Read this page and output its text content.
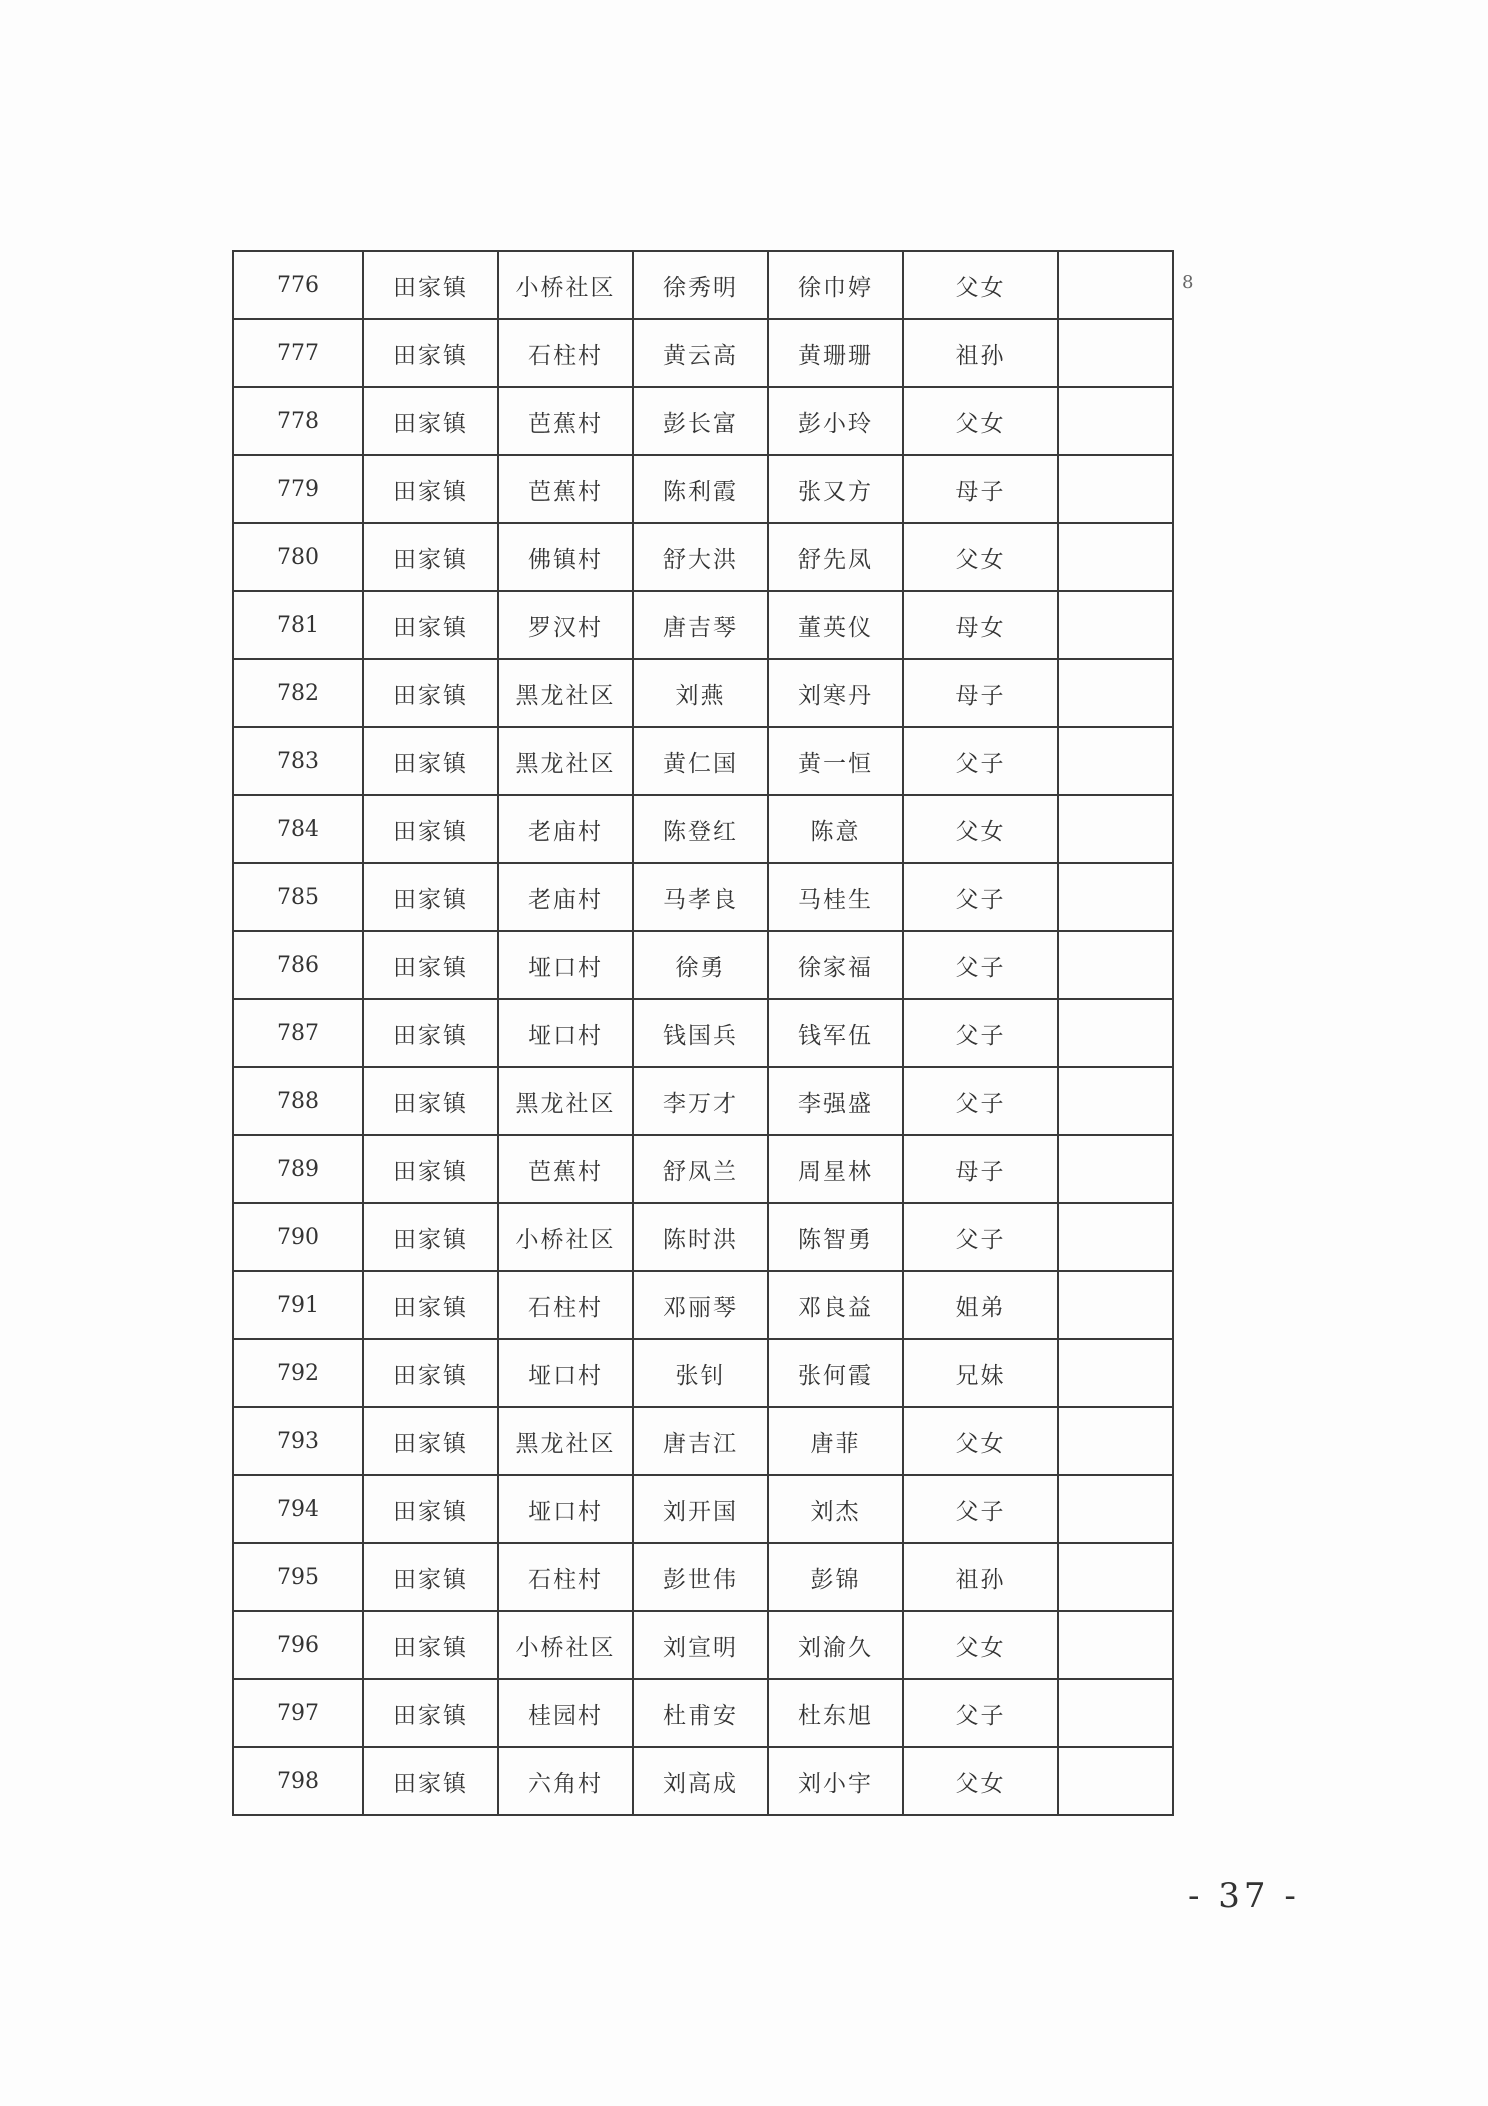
8
776	田家镇	小桥社区	徐秀明	徐巾婷	父女	
777	田家镇	石柱村	黄云高	黄珊珊	祖孙	
778	田家镇	芭蕉村	彭长富	彭小玲	父女	
779	田家镇	芭蕉村	陈利霞	张又方	母子	
780	田家镇	佛镇村	舒大洪	舒先凤	父女	
781	田家镇	罗汉村	唐吉琴	董英仪	母女	
782	田家镇	黑龙社区	刘燕	刘寒丹	母子	
783	田家镇	黑龙社区	黄仁国	黄一恒	父子	
784	田家镇	老庙村	陈登红	陈意	父女	
785	田家镇	老庙村	马孝良	马桂生	父子	
786	田家镇	垭口村	徐勇	徐家福	父子	
787	田家镇	垭口村	钱国兵	钱军伍	父子	
788	田家镇	黑龙社区	李万才	李强盛	父子	
789	田家镇	芭蕉村	舒凤兰	周星林	母子	
790	田家镇	小桥社区	陈时洪	陈智勇	父子	
791	田家镇	石柱村	邓丽琴	邓良益	姐弟	
792	田家镇	垭口村	张钊	张何霞	兄妹	
793	田家镇	黑龙社区	唐吉江	唐菲	父女	
794	田家镇	垭口村	刘开国	刘杰	父子	
795	田家镇	石柱村	彭世伟	彭锦	祖孙	
796	田家镇	小桥社区	刘宣明	刘渝久	父女	
797	田家镇	桂园村	杜甫安	杜东旭	父子	
798	田家镇	六角村	刘高成	刘小宇	父女	
- 37 -
